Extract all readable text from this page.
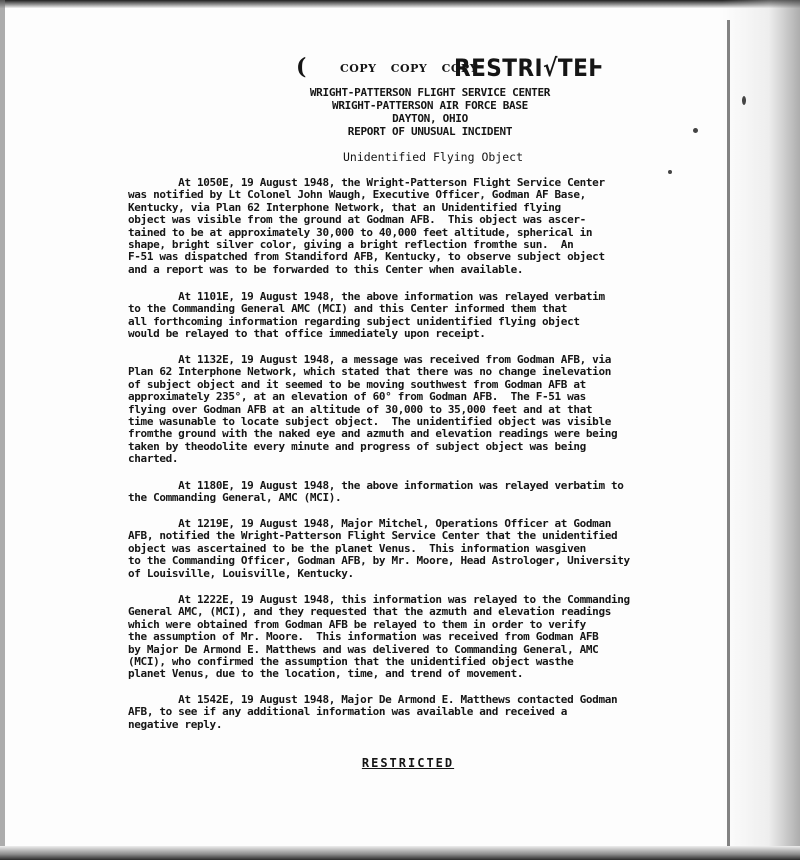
(	COPY COPY COPY
RESTRI√TEⱵ
WRIGHT-PATTERSON FLIGHT SERVICE CENTER
WRIGHT-PATTERSON AIR FORCE BASE
DAYTON, OHIO
REPORT OF UNUSUAL INCIDENT
Unidentified Flying Object
At 1050E, 19 August 1948, the Wright-Patterson Flight Service Center
was notified by Lt Colonel John Waugh, Executive Officer, Godman AF Base,
Kentucky, via Plan 62 Interphone Network, that an Unidentified flying
object was visible from the ground at Godman AFB.  This object was ascer-
tained to be at approximately 30,000 to 40,000 feet altitude, spherical in
shape, bright silver color, giving a bright reflection fromthe sun.  An
F-51 was dispatched from Standiford AFB, Kentucky, to observe subject object
and a report was to be forwarded to this Center when available.
At 1101E, 19 August 1948, the above information was relayed verbatim
to the Commanding General AMC (MCI) and this Center informed them that
all forthcoming information regarding subject unidentified flying object
would be relayed to that office immediately upon receipt.
At 1132E, 19 August 1948, a message was received from Godman AFB, via
Plan 62 Interphone Network, which stated that there was no change inelevation
of subject object and it seemed to be moving southwest from Godman AFB at
approximately 235°, at an elevation of 60° from Godman AFB.  The F-51 was
flying over Godman AFB at an altitude of 30,000 to 35,000 feet and at that
time wasunable to locate subject object.  The unidentified object was visible
fromthe ground with the naked eye and azmuth and elevation readings were being
taken by theodolite every minute and progress of subject object was being
charted.
At 1180E, 19 August 1948, the above information was relayed verbatim to
the Commanding General, AMC (MCI).
At 1219E, 19 August 1948, Major Mitchel, Operations Officer at Godman
AFB, notified the Wright-Patterson Flight Service Center that the unidentified
object was ascertained to be the planet Venus.  This information wasgiven
to the Commanding Officer, Godman AFB, by Mr. Moore, Head Astrologer, University
of Louisville, Louisville, Kentucky.
At 1222E, 19 August 1948, this information was relayed to the Commanding
General AMC, (MCI), and they requested that the azmuth and elevation readings
which were obtained from Godman AFB be relayed to them in order to verify
the assumption of Mr. Moore.  This information was received from Godman AFB
by Major De Armond E. Matthews and was delivered to Commanding General, AMC
(MCI), who confirmed the assumption that the unidentified object wasthe
planet Venus, due to the location, time, and trend of movement.
At 1542E, 19 August 1948, Major De Armond E. Matthews contacted Godman
AFB, to see if any additional information was available and received a
negative reply.
RESTRICTED
